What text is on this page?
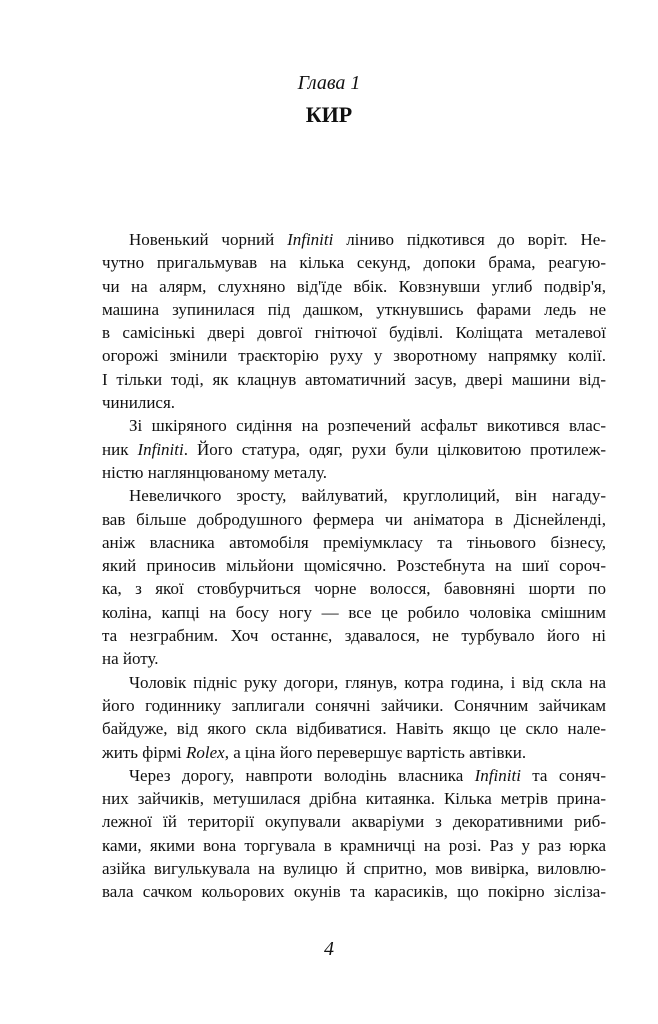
Глава 1
КИР
Новенький чорний Infiniti ліниво підкотився до воріт. Не-
чутно пригальмував на кілька секунд, допоки брама, реагую-
чи на алярм, слухняно від'їде вбік. Ковзнувши углиб подвір'я,
машина зупинилася під дашком, уткнувшись фарами ледь не
в самісінькі двері довгої гнітючої будівлі. Коліщата металевої
огорожі змінили траєкторію руху у зворотному напрямку колії.
І тільки тоді, як клацнув автоматичний засув, двері машини від-
чинилися.
Зі шкіряного сидіння на розпечений асфальт викотився влас-
ник Infiniti. Його статура, одяг, рухи були цілковитою протилеж-
ністю наглянцюваному металу.
Невеличкого зросту, вайлуватий, круглолиций, він нагаду-
вав більше добродушного фермера чи аніматора в Діснейленді,
аніж власника автомобіля преміумкласу та тіньового бізнесу,
який приносив мільйони щомісячно. Розстебнута на шиї сороч-
ка, з якої стовбурчиться чорне волосся, бавовняні шорти по
коліна, капці на босу ногу — все це робило чоловіка смішним
та незграбним. Хоч останнє, здавалося, не турбувало його ні
на йоту.
Чоловік підніс руку догори, глянув, котра година, і від скла на
його годиннику заплигали сонячні зайчики. Сонячним зайчикам
байдуже, від якого скла відбиватися. Навіть якщо це скло нале-
жить фірмі Rolex, а ціна його перевершує вартість автівки.
Через дорогу, навпроти володінь власника Infiniti та соняч-
них зайчиків, метушилася дрібна китаянка. Кілька метрів прина-
лежної їй території окупували акваріуми з декоративними риб-
ками, якими вона торгувала в крамничці на розі. Раз у раз юрка
азійка вигулькувала на вулицю й спритно, мов вивірка, виловлю-
вала сачком кольорових окунів та карасиків, що покірно зісліза-
4
